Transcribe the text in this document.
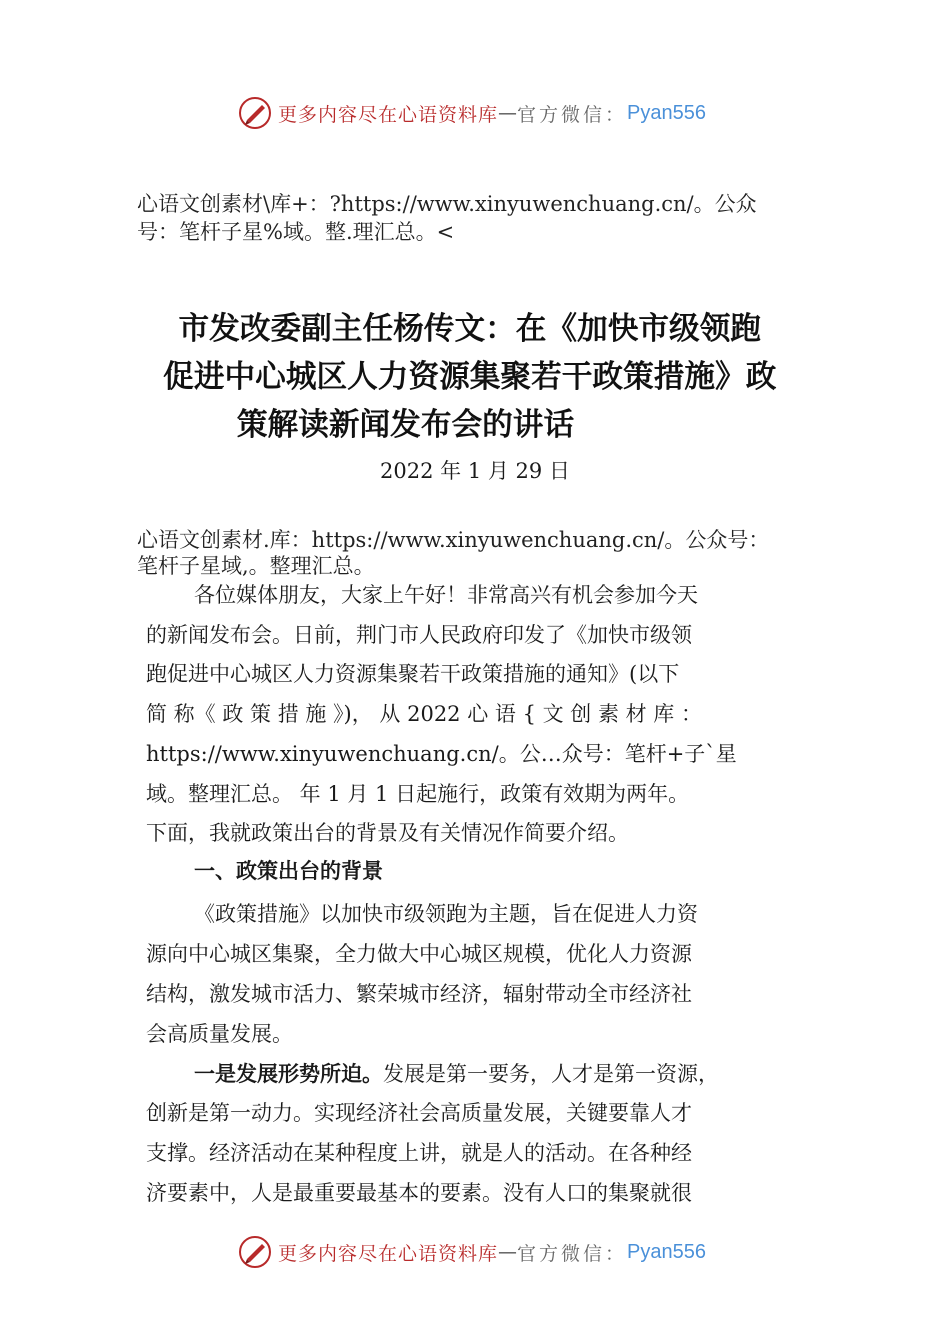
更多内容尽在心语资料库 — 官方微信： Pyan556
心语文创素材\库+：?https://www.xinyuwenchuang.cn/。公众
号：笔杆子星%域。整.理汇总。<
市发改委副主任杨传文：在《加快市级领跑
促进中心城区人力资源集聚若干政策措施》政
策解读新闻发布会的讲话
2022 年 1 月 29 日
心语文创素材.库：https://www.xinyuwenchuang.cn/。公众号：
笔杆子星域,。整理汇总。
各位媒体朋友，大家上午好！非常高兴有机会参加今天
的新闻发布会。日前，荆门市人民政府印发了《加快市级领
跑促进中心城区人力资源集聚若干政策措施的通知》(以下
简 称《 政 策 措 施 》)， 从 2022 心 语 { 文 创 素 材 库 ：
https://www.xinyuwenchuang.cn/。公…众号：笔杆+子`星
域。整理汇总。 年 1 月 1 日起施行，政策有效期为两年。
下面，我就政策出台的背景及有关情况作简要介绍。
一、政策出台的背景
《政策措施》以加快市级领跑为主题，旨在促进人力资
源向中心城区集聚，全力做大中心城区规模，优化人力资源
结构，激发城市活力、繁荣城市经济，辐射带动全市经济社
会高质量发展。
一是发展形势所迫。发展是第一要务，人才是第一资源，
创新是第一动力。实现经济社会高质量发展，关键要靠人才
支撑。经济活动在某种程度上讲，就是人的活动。在各种经
济要素中，人是最重要最基本的要素。没有人口的集聚就很
更多内容尽在心语资料库 — 官方微信： Pyan556
